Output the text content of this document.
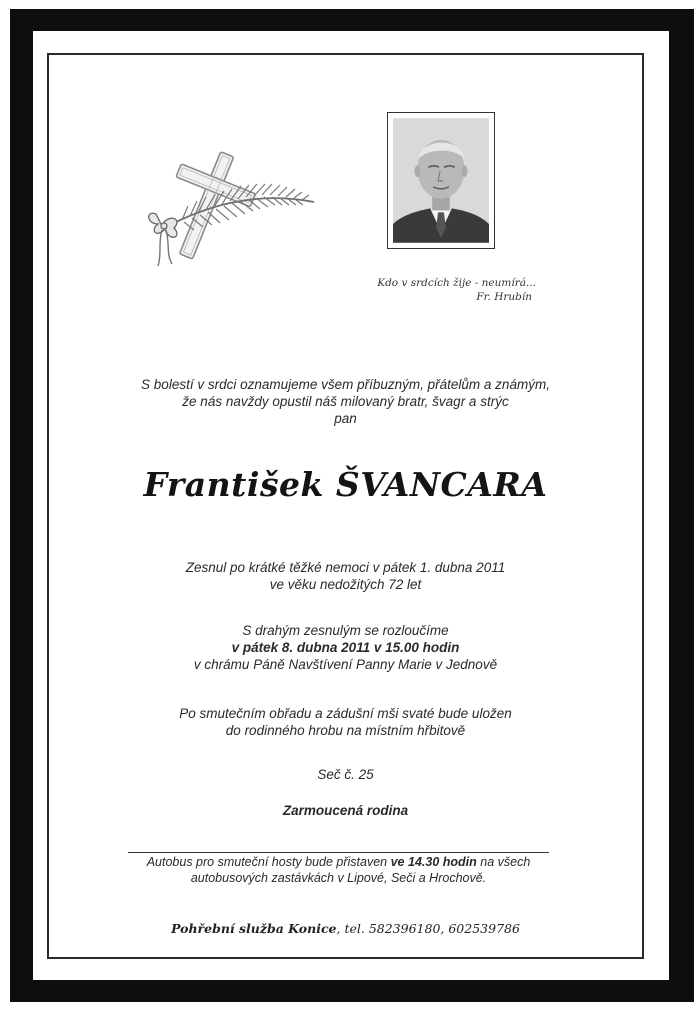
Kdo v srdcích žije - neumírá...
Fr. Hrubín
S bolestí v srdci oznamujeme všem příbuzným, přátelům a známým,
že nás navždy opustil náš milovaný bratr, švagr a strýc
pan
František ŠVANCARA
Zesnul po krátké těžké nemoci v pátek 1. dubna 2011
ve věku nedožitých 72 let
S drahým zesnulým se rozloučíme
v pátek 8. dubna 2011 v 15.00 hodin
v chrámu Páně Navštívení Panny Marie v Jednově
Po smutečním obřadu a zádušní mši svaté bude uložen
do rodinného hrobu na místním hřbitově
Seč č. 25
Zarmoucená rodina
Autobus pro smuteční hosty bude přistaven ve 14.30 hodin na všech
autobusových zastávkách v Lipové, Seči a Hrochově.
Pohřební služba Konice, tel. 582396180, 602539786
